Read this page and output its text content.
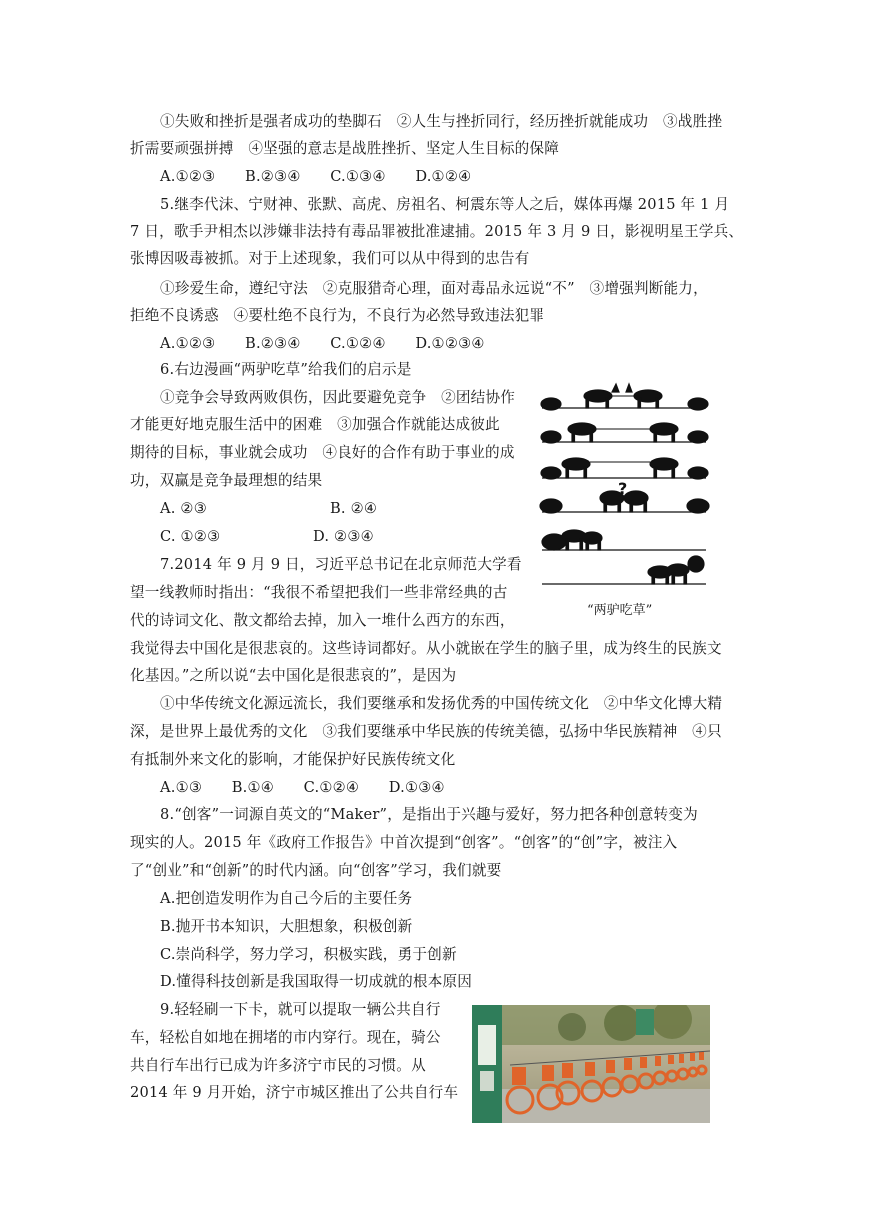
①失败和挫折是强者成功的垫脚石　②人生与挫折同行，经历挫折就能成功　③战胜挫
折需要顽强拼搏　④坚强的意志是战胜挫折、坚定人生目标的保障
A.①②③　　B.②③④　　C.①③④　　D.①②④
5.继李代沫、宁财神、张默、高虎、房祖名、柯震东等人之后，媒体再爆 2015 年 1 月
7 日，歌手尹相杰以涉嫌非法持有毒品罪被批准逮捕。2015 年 3 月 9 日，影视明星王学兵、
张博因吸毒被抓。对于上述现象，我们可以从中得到的忠告有
①珍爱生命，遵纪守法　②克服猎奇心理，面对毒品永远说“不”　③增强判断能力，
拒绝不良诱惑　④要杜绝不良行为，不良行为必然导致违法犯罪
A.①②③　　B.②③④　　C.①②④　　D.①②③④
6.右边漫画“两驴吃草”给我们的启示是
①竞争会导致两败俱伤，因此要避免竞争　②团结协作
才能更好地克服生活中的困难　③加强合作就能达成彼此
期待的目标，事业就会成功　④良好的合作有助于事业的成
功，双赢是竞争最理想的结果
A. ②③	B. ②④
C. ①②③	D. ②③④
?
“两驴吃草”
7.2014 年 9 月 9 日，习近平总书记在北京师范大学看
望一线教师时指出：“我很不希望把我们一些非常经典的古
代的诗词文化、散文都给去掉，加入一堆什么西方的东西，
我觉得去中国化是很悲哀的。这些诗词都好。从小就嵌在学生的脑子里，成为终生的民族文
化基因。”之所以说“去中国化是很悲哀的”，是因为
①中华传统文化源远流长，我们要继承和发扬优秀的中国传统文化　②中华文化博大精
深，是世界上最优秀的文化　③我们要继承中华民族的传统美德，弘扬中华民族精神　④只
有抵制外来文化的影响，才能保护好民族传统文化
A.①③　　B.①④　　C.①②④　　D.①③④
8.“创客”一词源自英文的“Maker”，是指出于兴趣与爱好，努力把各种创意转变为
现实的人。2015 年《政府工作报告》中首次提到“创客”。“创客”的“创”字，被注入
了“创业”和“创新”的时代内涵。向“创客”学习，我们就要
A.把创造发明作为自己今后的主要任务
B.抛开书本知识，大胆想象，积极创新
C.崇尚科学，努力学习，积极实践，勇于创新
D.懂得科技创新是我国取得一切成就的根本原因
9.轻轻刷一下卡，就可以提取一辆公共自行
车，轻松自如地在拥堵的市内穿行。现在，骑公
共自行车出行已成为许多济宁市民的习惯。从
2014 年 9 月开始，济宁市城区推出了公共自行车
